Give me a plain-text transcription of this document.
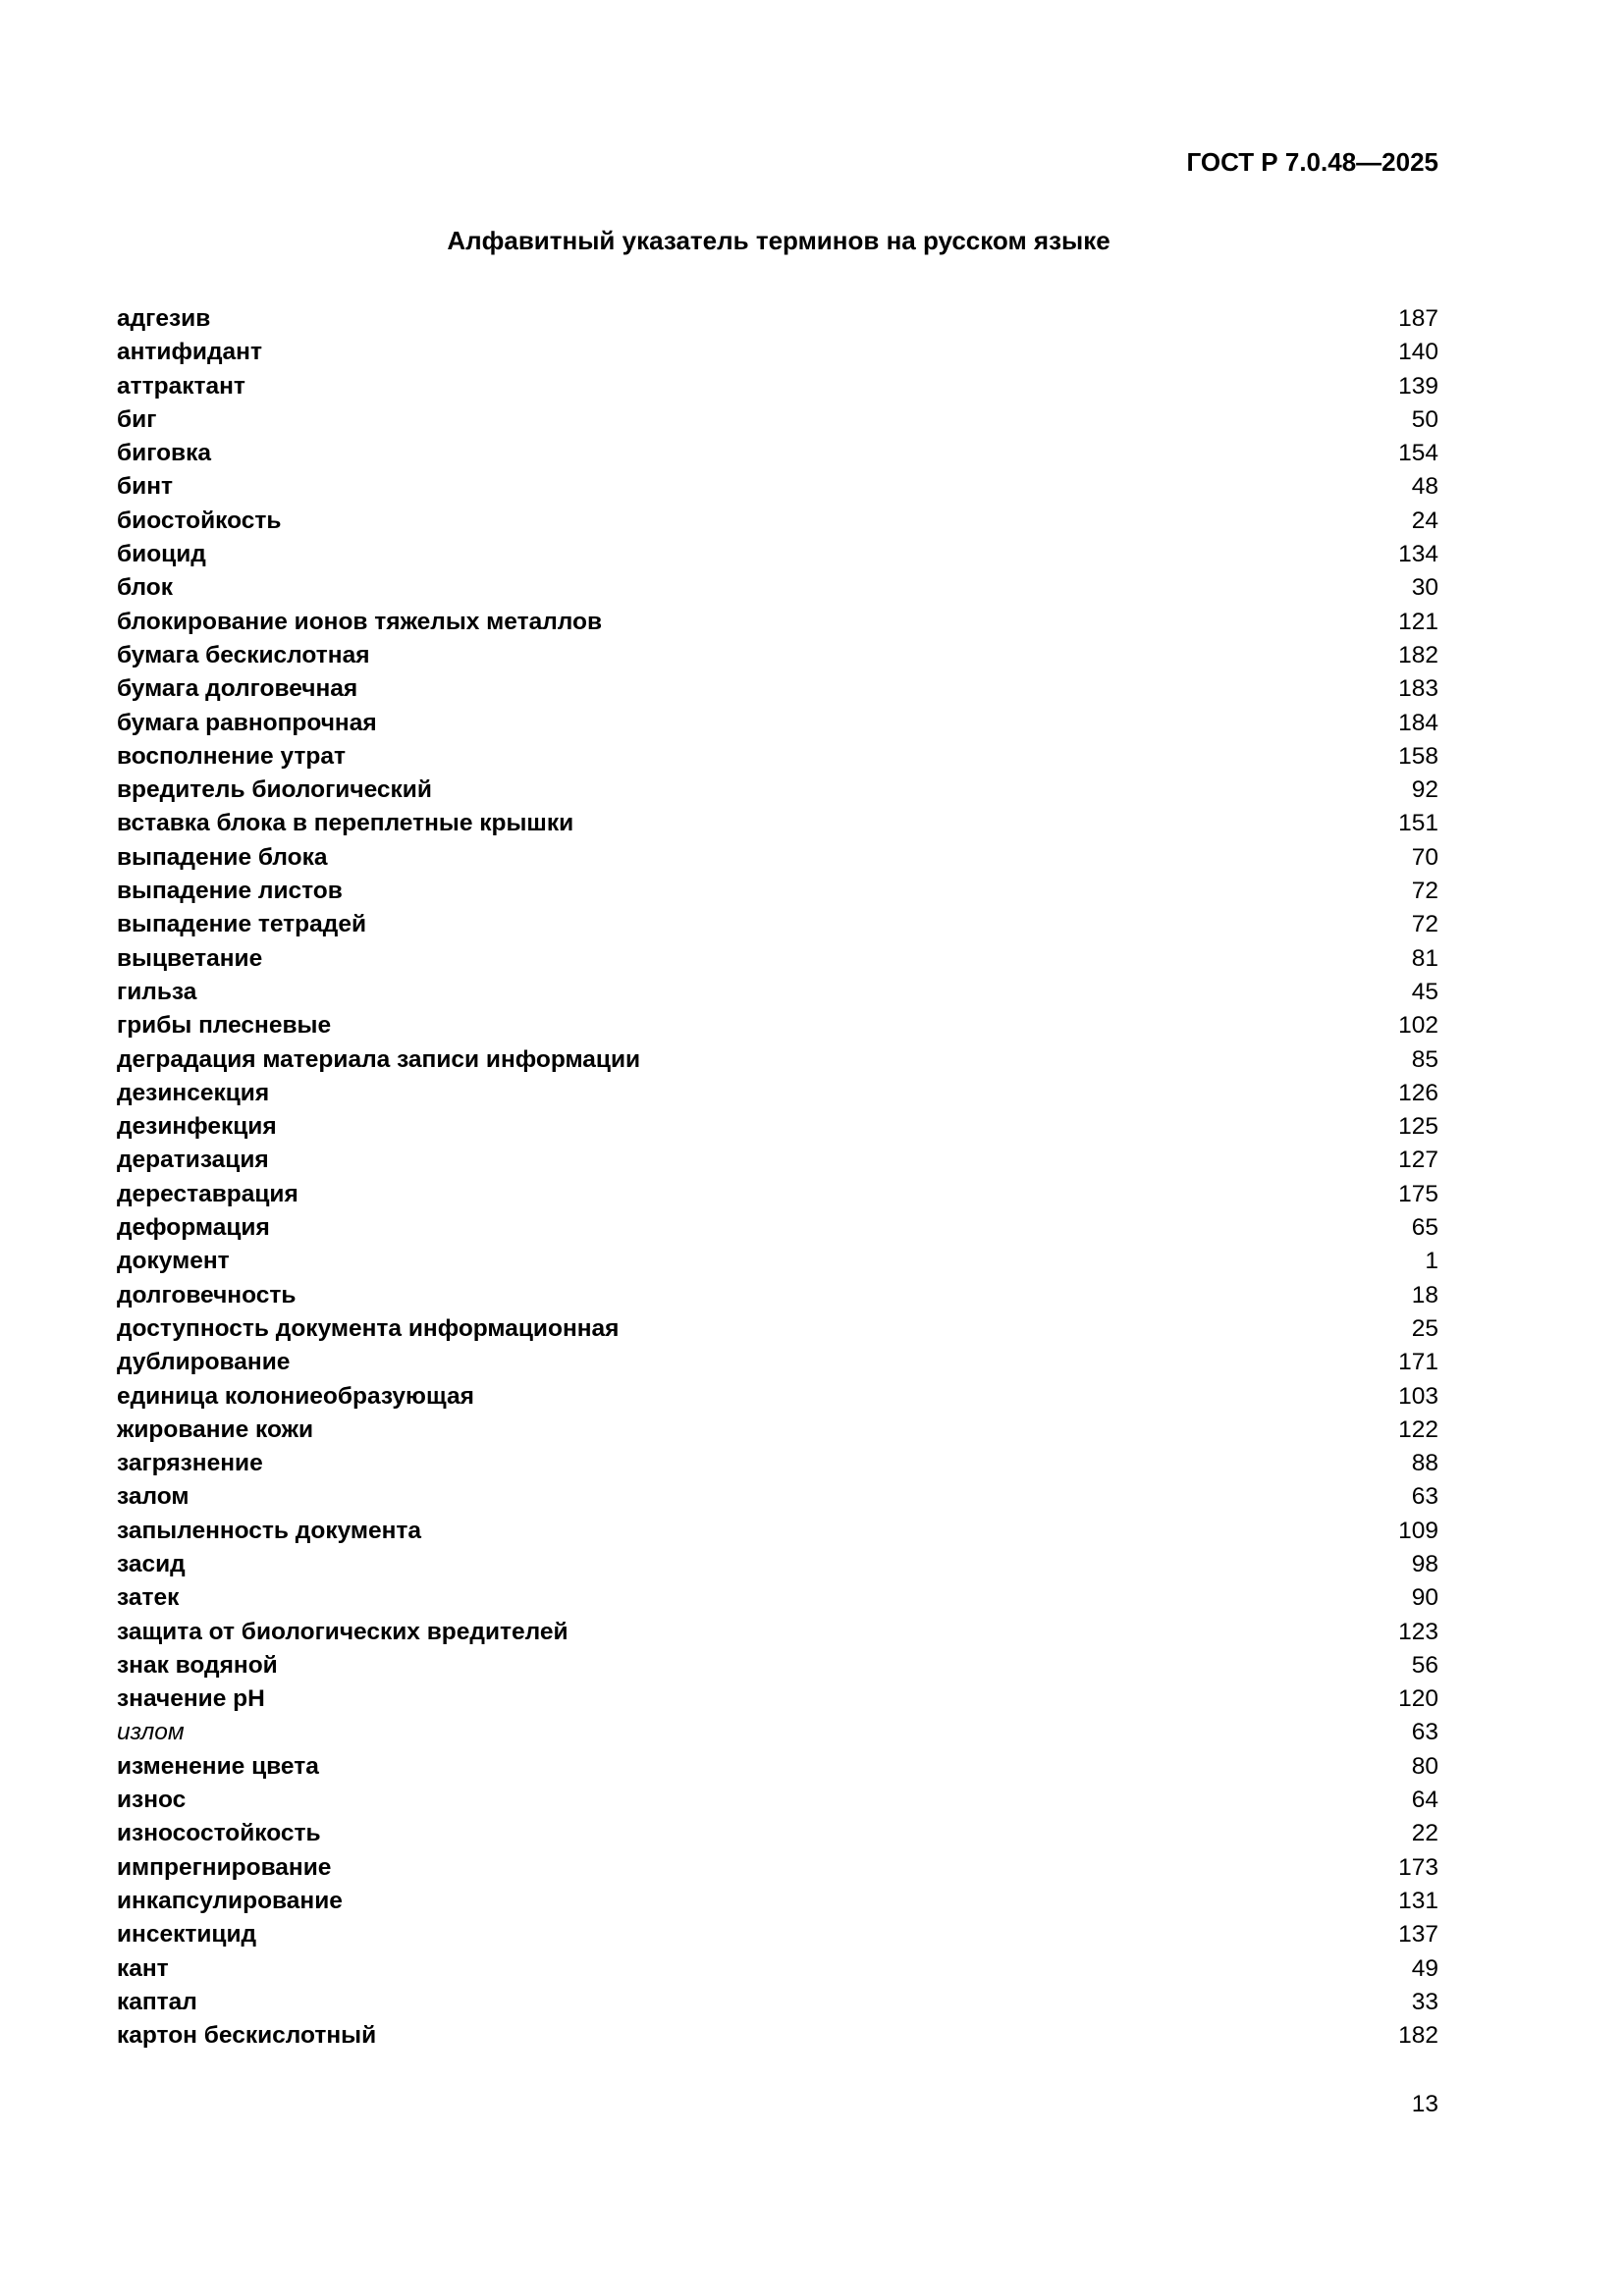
ГОСТ Р 7.0.48—2025
Алфавитный указатель терминов на русском языке
адгезив	187
антифидант	140
аттрактант	139
биг	50
биговка	154
бинт	48
биостойкость	24
биоцид	134
блок	30
блокирование ионов тяжелых металлов	121
бумага бескислотная	182
бумага долговечная	183
бумага равнопрочная	184
восполнение утрат	158
вредитель биологический	92
вставка блока в переплетные крышки	151
выпадение блока	70
выпадение листов	72
выпадение тетрадей	72
выцветание	81
гильза	45
грибы плесневые	102
деградация материала записи информации	85
дезинсекция	126
дезинфекция	125
дератизация	127
дереставрация	175
деформация	65
документ	1
долговечность	18
доступность документа информационная	25
дублирование	171
единица колониеобразующая	103
жирование кожи	122
загрязнение	88
залом	63
запыленность документа	109
засид	98
затек	90
защита от биологических вредителей	123
знак водяной	56
значение pH	120
излом	63
изменение цвета	80
износ	64
износостойкость	22
импрегнирование	173
инкапсулирование	131
инсектицид	137
кант	49
каптал	33
картон бескислотный	182
13
